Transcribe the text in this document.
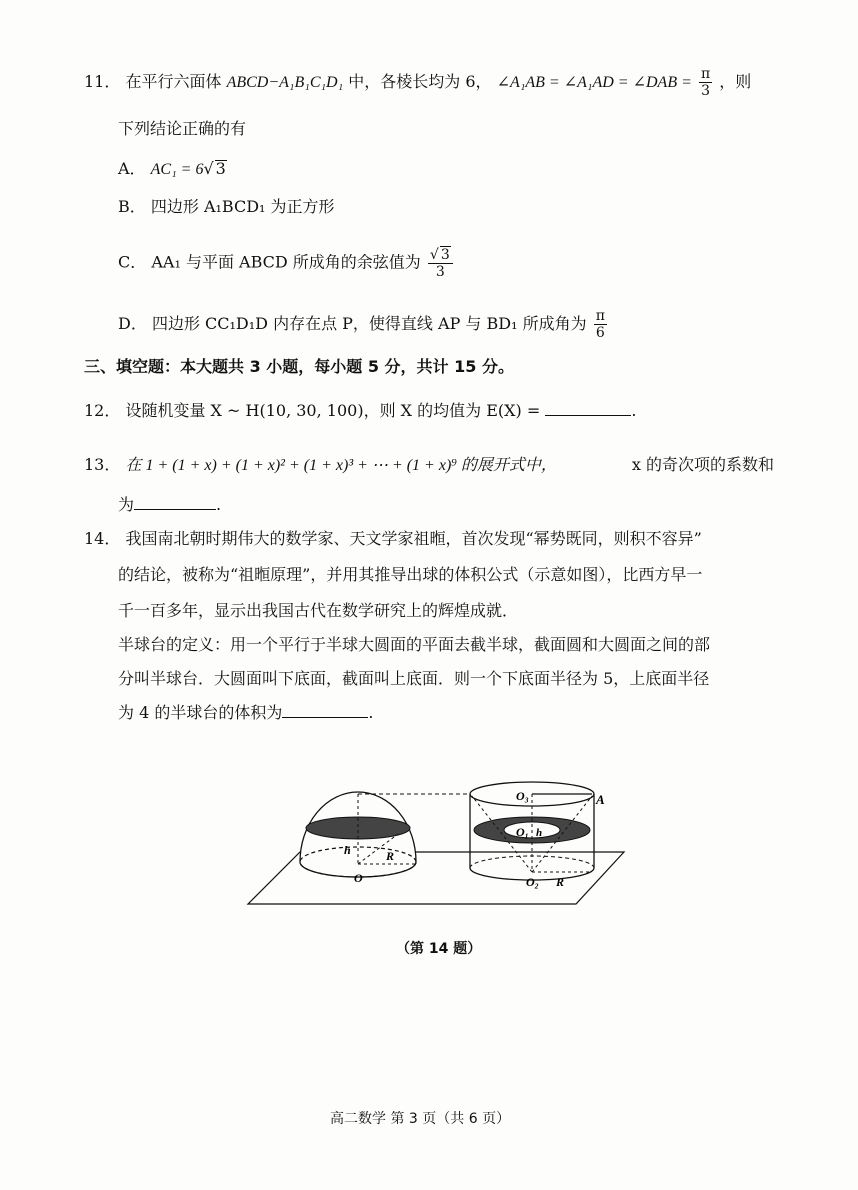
11． 在平行六面体 ABCD−A₁B₁C₁D₁ 中，各棱长均为 6， ∠A₁AB = ∠A₁AD = ∠DAB = $\frac{\pi}{3}$ ，则
下列结论正确的有
A． AC₁ = 6√ 3
B． 四边形 A₁BCD₁ 为正方形
C． AA₁ 与平面 ABCD 所成角的余弦值为 $\frac{√ 3}{3}$
D． 四边形 CC₁D₁D 内存在点 P，使得直线 AP 与 BD₁ 所成角为 $\frac{\pi}{6}$
三、填空题：本大题共 3 小题，每小题 5 分，共计 15 分。
12． 设随机变量 X ~ H(10, 30, 100)，则 X 的均值为 E(X) =	.
13． 在 1 + (1 + x) + (1 + x)² + (1 + x)³ + ⋯ + (1 + x)⁹ 的展开式中，	x 的奇次项的系数和
为	.
14． 我国南北朝时期伟大的数学家、天文学家祖暅，首次发现“幂势既同，则积不容异”
的结论，被称为“祖暅原理”，并用其推导出球的体积公式（示意如图），比西方早一
千一百多年，显示出我国古代在数学研究上的辉煌成就．
半球台的定义：用一个平行于半球大圆面的平面去截半球，截面圆和大圆面之间的部
分叫半球台．大圆面叫下底面，截面叫上底面．则一个下底面半径为 5，上底面半径
为 4 的半球台的体积为	.
h	R
O
O₃	A
O₁ h
O₂ R
（第 14 题）
高二数学 第 3 页（共 6 页）
